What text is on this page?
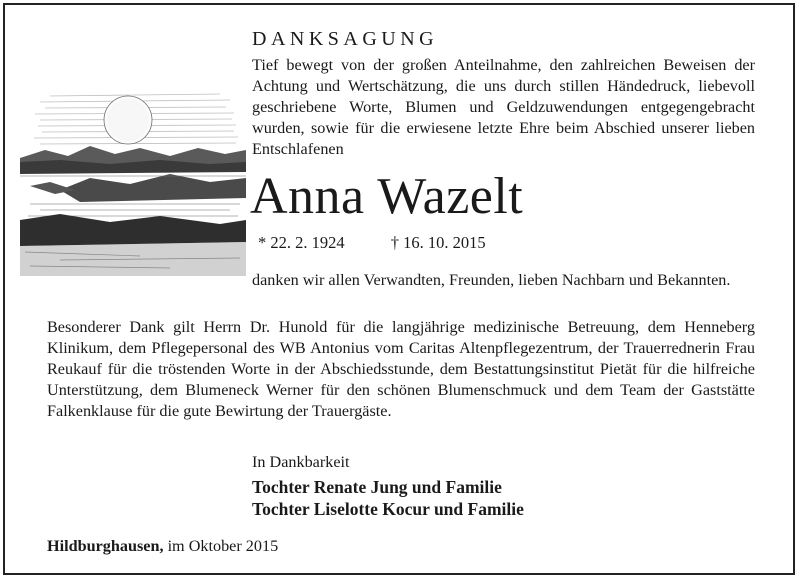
DANKSAGUNG

Tief bewegt von der großen Anteilnahme, den zahlreichen Beweisen der Achtung und Wertschätzung, die uns durch stillen Händedruck, liebevoll geschriebene Worte, Blumen und Geldzuwendungen entgegengebracht wurden, sowie für die erwiesene letzte Ehre beim Abschied unserer lieben Entschlafenen

Anna Wazelt
* 22. 2. 1924	† 16. 10. 2015

danken wir allen Verwandten, Freunden, lieben Nachbarn und Bekannten.

Besonderer Dank gilt Herrn Dr. Hunold für die langjährige medizinische Betreuung, dem Henneberg Klinikum, dem Pflegepersonal des WB Antonius vom Caritas Altenpflegezentrum, der Trauerrednerin Frau Reukauf für die tröstenden Worte in der Abschiedsstunde, dem Bestattungsinstitut Pietät für die hilfreiche Unterstützung, dem Blumeneck Werner für den schönen Blumenschmuck und dem Team der Gaststätte Falkenklause für die gute Bewirtung der Trauergäste.

In Dankbarkeit
Tochter Renate Jung und Familie
Tochter Liselotte Kocur und Familie
Hildburghausen, im Oktober 2015
